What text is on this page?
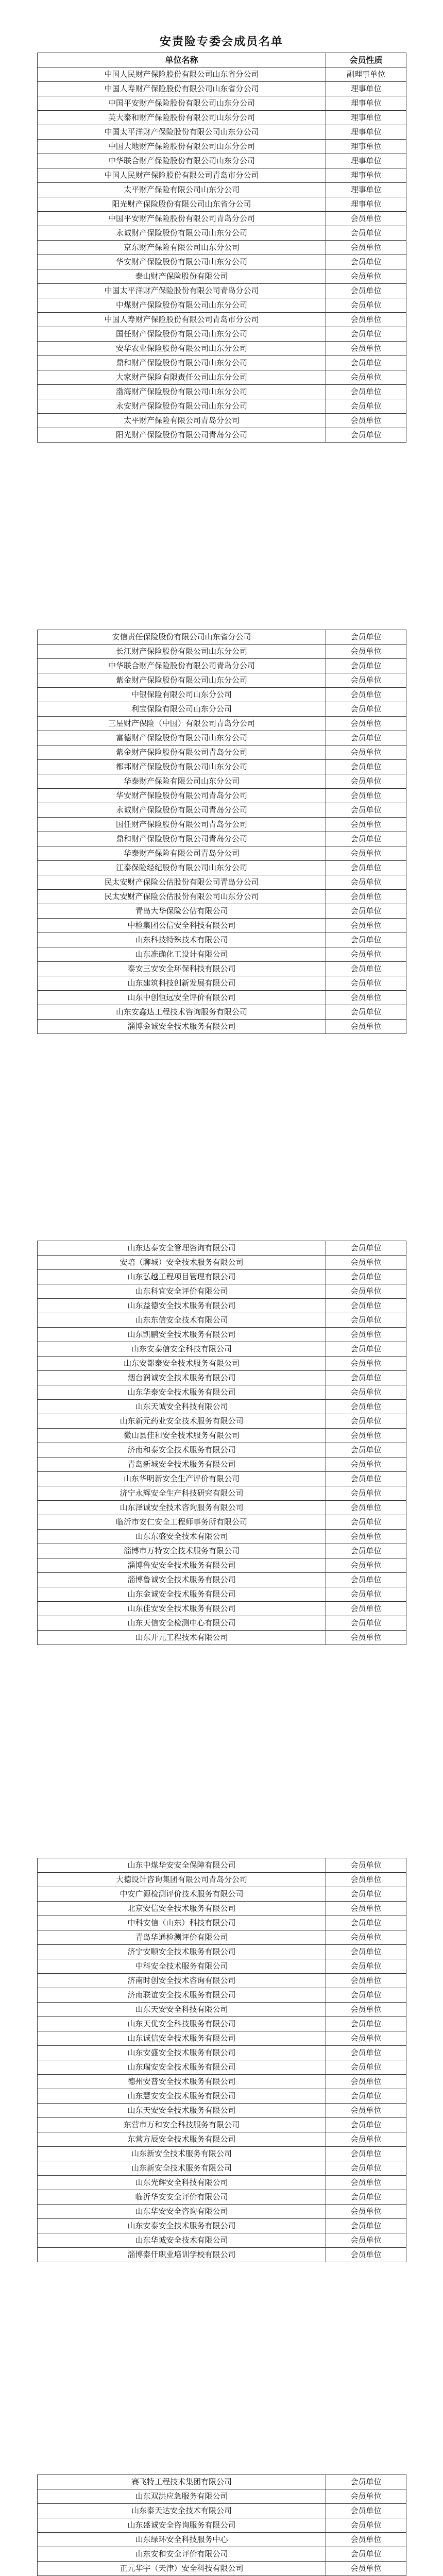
安责险专委会成员名单
单位名称	会员性质
中国人民财产保险股份有限公司山东省分公司	副理事单位
中国人寿财产保险股份有限公司山东省分公司	理事单位
中国平安财产保险股份有限公司山东分公司	理事单位
英大泰和财产保险股份有限公司山东分公司	理事单位
中国太平洋财产保险股份有限公司山东分公司	理事单位
中国大地财产保险股份有限公司山东分公司	理事单位
中华联合财产保险股份有限公司山东分公司	理事单位
中国人民财产保险股份有限公司青岛市分公司	理事单位
太平财产保险有限公司山东分公司	理事单位
阳光财产保险股份有限公司山东省分公司	理事单位
中国平安财产保险股份有限公司青岛分公司	会员单位
永诚财产保险股份有限公司山东分公司	会员单位
京东财产保险有限公司山东分公司	会员单位
华安财产保险股份有限公司山东分公司	会员单位
泰山财产保险股份有限公司	会员单位
中国太平洋财产保险股份有限公司青岛分公司	会员单位
中煤财产保险股份有限公司山东分公司	会员单位
中国人寿财产保险股份有限公司青岛市分公司	会员单位
国任财产保险股份有限公司山东分公司	会员单位
安华农业保险股份有限公司山东分公司	会员单位
鼎和财产保险股份有限公司山东分公司	会员单位
大家财产保险有限责任公司山东分公司	会员单位
渤海财产保险股份有限公司山东分公司	会员单位
永安财产保险股份有限公司山东分公司	会员单位
太平财产保险有限公司青岛分公司	会员单位
阳光财产保险股份有限公司青岛分公司	会员单位
安信责任保险股份有限公司山东省分公司	会员单位
长江财产保险股份有限公司山东分公司	会员单位
中华联合财产保险股份有限公司青岛分公司	会员单位
紫金财产保险股份有限公司山东分公司	会员单位
中银保险有限公司山东分公司	会员单位
利宝保险有限公司山东分公司	会员单位
三星财产保险（中国）有限公司青岛分公司	会员单位
富德财产保险股份有限公司山东分公司	会员单位
紫金财产保险股份有限公司青岛分公司	会员单位
都邦财产保险股份有限公司山东分公司	会员单位
华泰财产保险有限公司山东分公司	会员单位
华安财产保险股份有限公司青岛分公司	会员单位
永诚财产保险股份有限公司青岛分公司	会员单位
国任财产保险股份有限公司青岛分公司	会员单位
鼎和财产保险股份有限公司青岛分公司	会员单位
华泰财产保险有限公司青岛分公司	会员单位
江泰保险经纪股份有限公司山东分公司	会员单位
民太安财产保险公估股份有限公司青岛分公司	会员单位
民太安财产保险公估股份有限公司山东分公司	会员单位
青岛大华保险公估有限公司	会员单位
中检集团公信安全科技有限公司	会员单位
山东科技特殊技术有限公司	会员单位
山东准确化工设计有限公司	会员单位
泰安三安安全环保科技有限公司	会员单位
山东建筑科技创新发展有限公司	会员单位
山东中创恒远安全评价有限公司	会员单位
山东安鑫达工程技术咨询服务有限公司	会员单位
淄博金诚安全技术服务有限公司	会员单位
山东达泰安全管理咨询有限公司	会员单位
安培（聊城）安全技术服务有限公司	会员单位
山东弘越工程项目管理有限公司	会员单位
山东科宜安全评价有限公司	会员单位
山东益德安全技术服务有限公司	会员单位
山东东信安全技术有限公司	会员单位
山东凯鹏安全技术服务有限公司	会员单位
山东安泰信安全科技有限公司	会员单位
山东安都泰安全技术服务有限公司	会员单位
烟台润诚安全技术服务有限公司	会员单位
山东华泰安全技术服务有限公司	会员单位
山东天诚安全科技有限公司	会员单位
山东新元药业安全技术服务有限公司	会员单位
微山县佳和安全技术服务有限公司	会员单位
济南和泰安全技术服务有限公司	会员单位
青岛新城安全技术服务有限公司	会员单位
山东华明新安全生产评价有限公司	会员单位
济宁永辉安全生产科技研究有限公司	会员单位
山东泽诚安全技术咨询服务有限公司	会员单位
临沂市安仁安全工程师事务所有限公司	会员单位
山东东盛安全技术有限公司	会员单位
淄博市万特安全技术服务有限公司	会员单位
淄博鲁安安全技术服务有限公司	会员单位
淄博鲁诚安全技术服务有限公司	会员单位
山东金诚安全技术服务有限公司	会员单位
山东佳安安全技术服务有限公司	会员单位
山东天信安全检测中心有限公司	会员单位
山东开元工程技术有限公司	会员单位
山东中煤华安安全保障有限公司	会员单位
大德设计咨询集团有限公司青岛分公司	会员单位
中安广源检测评价技术服务有限公司	会员单位
北京安信安全技术服务有限公司	会员单位
中科安信（山东）科技有限公司	会员单位
青岛华通检测评价有限公司	会员单位
济宁安顺安全技术服务有限公司	会员单位
中科安全技术服务有限公司	会员单位
济南时创安全技术咨询有限公司	会员单位
济南联谊安全技术服务有限公司	会员单位
山东天安安全科技有限公司	会员单位
山东天优安全科技服务有限公司	会员单位
山东诚信安全技术服务有限公司	会员单位
山东安盛安全技术服务有限公司	会员单位
山东瑞安安全技术服务有限公司	会员单位
德州安普安全技术服务有限公司	会员单位
山东慧安安全技术服务有限公司	会员单位
山东天安安全技术服务有限公司	会员单位
东营市万和安全科技服务有限公司	会员单位
东营方辰安全技术服务有限公司	会员单位
山东新安全技术服务有限公司	会员单位
山东新安全技术服务有限公司	会员单位
山东光辉安全科技有限公司	会员单位
临沂华安安全评价有限公司	会员单位
山东华安安全咨询有限公司	会员单位
山东安泰安全技术服务有限公司	会员单位
山东华诚安全技术有限公司	会员单位
淄博泰仟职业培训学校有限公司	会员单位
赛飞特工程技术集团有限公司	会员单位
山东双洪应急服务有限公司	会员单位
山东泰天达安全技术有限公司	会员单位
山东盛诚安全咨询服务有限公司	会员单位
山东绿环安全科技服务中心	会员单位
山东安和安全评价有限公司	会员单位
正元华宇（天津）安全科技有限公司	会员单位
